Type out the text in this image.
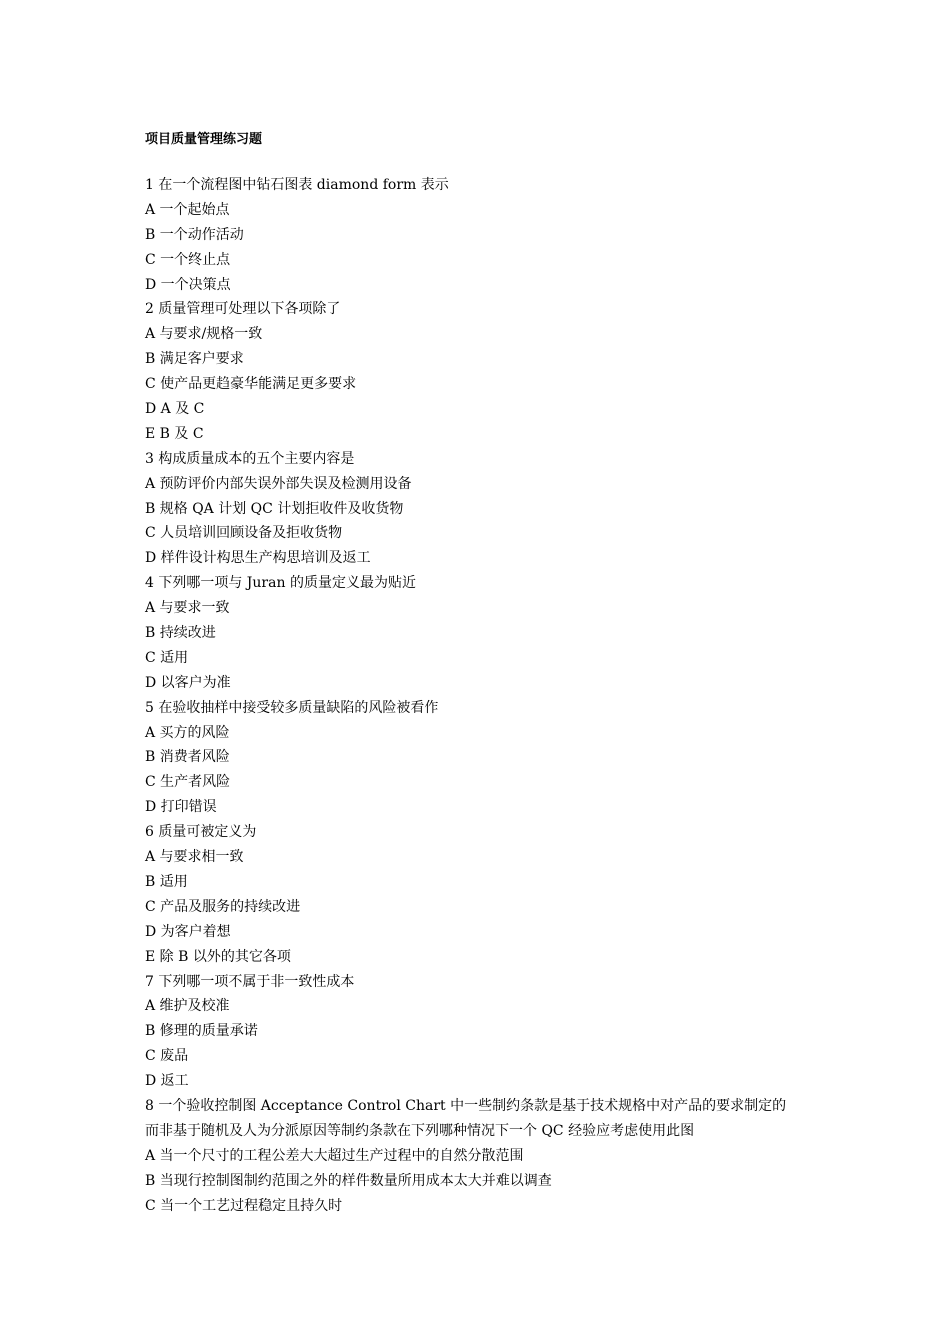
项目质量管理练习题
1 在一个流程图中钻石图表 diamond form 表示
A 一个起始点
B 一个动作活动
C 一个终止点
D 一个决策点
2 质量管理可处理以下各项除了
A 与要求/规格一致
B 满足客户要求
C 使产品更趋豪华能满足更多要求
D A 及 C
E B 及 C
3 构成质量成本的五个主要内容是
A 预防评价内部失误外部失误及检测用设备
B 规格 QA 计划 QC 计划拒收件及收货物
C 人员培训回顾设备及拒收货物
D 样件设计构思生产构思培训及返工
4 下列哪一项与 Juran 的质量定义最为贴近
A 与要求一致
B 持续改进
C 适用
D 以客户为准
5 在验收抽样中接受较多质量缺陷的风险被看作
A 买方的风险
B 消费者风险
C 生产者风险
D 打印错误
6 质量可被定义为
A 与要求相一致
B 适用
C 产品及服务的持续改进
D 为客户着想
E 除 B 以外的其它各项
7 下列哪一项不属于非一致性成本
A 维护及校准
B 修理的质量承诺
C 废品
D 返工
8 一个验收控制图 Acceptance Control Chart 中一些制约条款是基于技术规格中对产品的要求制定的
而非基于随机及人为分派原因等制约条款在下列哪种情况下一个 QC 经验应考虑使用此图
A 当一个尺寸的工程公差大大超过生产过程中的自然分散范围
B 当现行控制图制约范围之外的样件数量所用成本太大并难以调查
C 当一个工艺过程稳定且持久时
